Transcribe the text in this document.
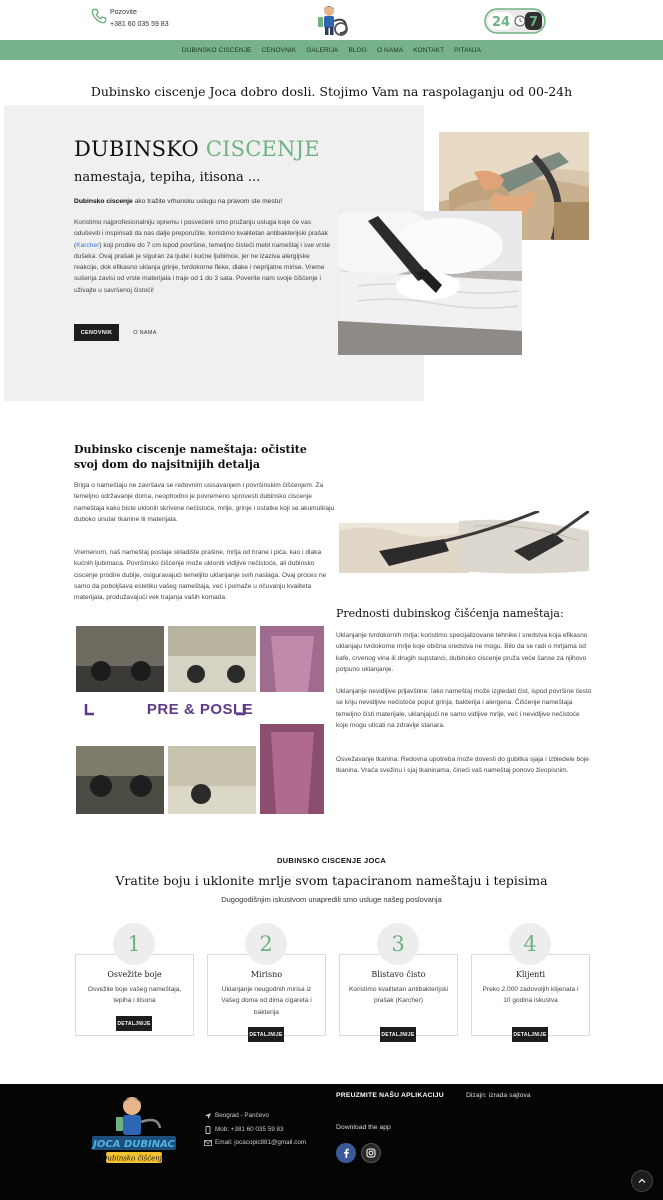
Pozovite
+381 60 035 59 83	24 7
DUBINSKO CISCENJE	CENOVNIK	GALERIJA	BLOG	O NAMA	KONTAKT	PITANJA
Dubinsko ciscenje Joca dobro dosli. Stojimo Vam na raspolaganju od 00-24h
DUBINSKO CISCENJE
namestaja, tepiha, itisona ...
Dubinsko ciscenje ako tražite vrhunsku uslugu na pravom ste mestu!
Koristimo najprofesionalniju opremu i posvećeni smo pružanju usluga koje će vas oduševiti i inspirisati da nas dalje preporučite. koristimo kvalitetan antibakterijski prašak (Karcher) koji prodire do 7 cm ispod površine, temeljno čisteći mebl nameštaj i sve vrste dušeka. Ovaj prašak je siguran za ljude i kućne ljubimce, jer ne izaziva alergijske reakcije, dok efikasno uklanja grinje, tvrdokorne fleke, dlake i neprijatne mirise. Vreme sušenja zavisi od vrste materijala i traje od 1 do 3 sata. Poverite nam svoje čišćenje i uživajte u savršenoj čistoći!
CENOVNIK	O NAMA
Dubinsko ciscenje nameštaja: očistite svoj dom do najsitnijih detalja
Briga o nameštaju ne završava se redovnim usisavanjem i površinskim čišćenjem. Za temeljno održavanje doma, neophodno je povremeno sprovesti dubinsko ciscenje nameštaja kako biste uklonili skrivene nečistoće, mrlje, grinje i ostatke koji se akumuliraju duboko unutar tkanine ili materijala.
Vremenom, naš nameštaj postaje skladište prašine, mrlja od hrane i pića, kao i dlaka kućnih ljubimaca. Površinsko čišćenje može ukloniti vidljive nečistoće, ali dubinsko ciscenje prodire dublje, osiguravajući temeljito uklanjanje svih naslaga. Ovaj proces ne samo da poboljšava estetiku vašeg nameštaja, već i pomaže u očuvanju kvaliteta materijala, produžavajući vek trajanja vaših komada.
PRE & POSLE
Prednosti dubinskog čišćenja nameštaja:
Uklanjanje tvrdokornih mrlja: koristimo specijalizovane tehnike i sredstva koja efikasno uklanjaju tvrdokorne mrlje koje obična sredstva ne mogu. Bilo da se radi o mrljama od kafe, crvenog vina ili drugih supstanci, dubinsko ciscenje pruža veće šanse za njihovo potpuno uklanjanje.
Uklanjanje nevidljive prljavštine: Iako nameštaj može izgledati čist, ispod površine često se kriju nevidljive nečistoće poput grinja, bakterija i alergena. Čišćenje nameštaja temeljno čisti materijale, uklanjajući ne samo vidljive mrlje, već i nevidljive nečistoće koje mogu uticati na zdravlje stanara.
Osvežavanje tkanina: Redovna upotreba može dovesti do gubitka sjaja i izbledele boje tkanina. Vraća svežinu i sjaj tkaninama, čineći vaš nameštaj ponovo živopisnim.
DUBINSKO CISCENJE JOCA
Vratite boju i uklonite mrlje svom tapaciranom nameštaju i tepisima
Dugogodišnjim iskustvom unapredili smo usluge našeg poslovanja
1
Osvežite boje
Osvežite boje vašeg nameštaja, tepiha i itisona
DETALJNIJE
2
Mirisno
Uklanjanje neugodnih mirisa iz Vašeg doma od dima cigareta i bakterija
DETALJNIJE
3
Blistavo čisto
Koristimo kvalitetan antibakterijski prašak (Karcher)
DETALJNIJE
4
Klijenti
Preko 2.000 zadovoljih klijenata i 10 godina iskustva
DETALJNIJE
JOCA DUBINAC
Dubinsko čišćenje
Beograd - Pančevo
Mob: +381 60 035 59 83
Email: jocacopic881@gmail.com
PREUZMITE NAŠU APLIKACIJU	Dizajn: izrada sajtova
Download the app
